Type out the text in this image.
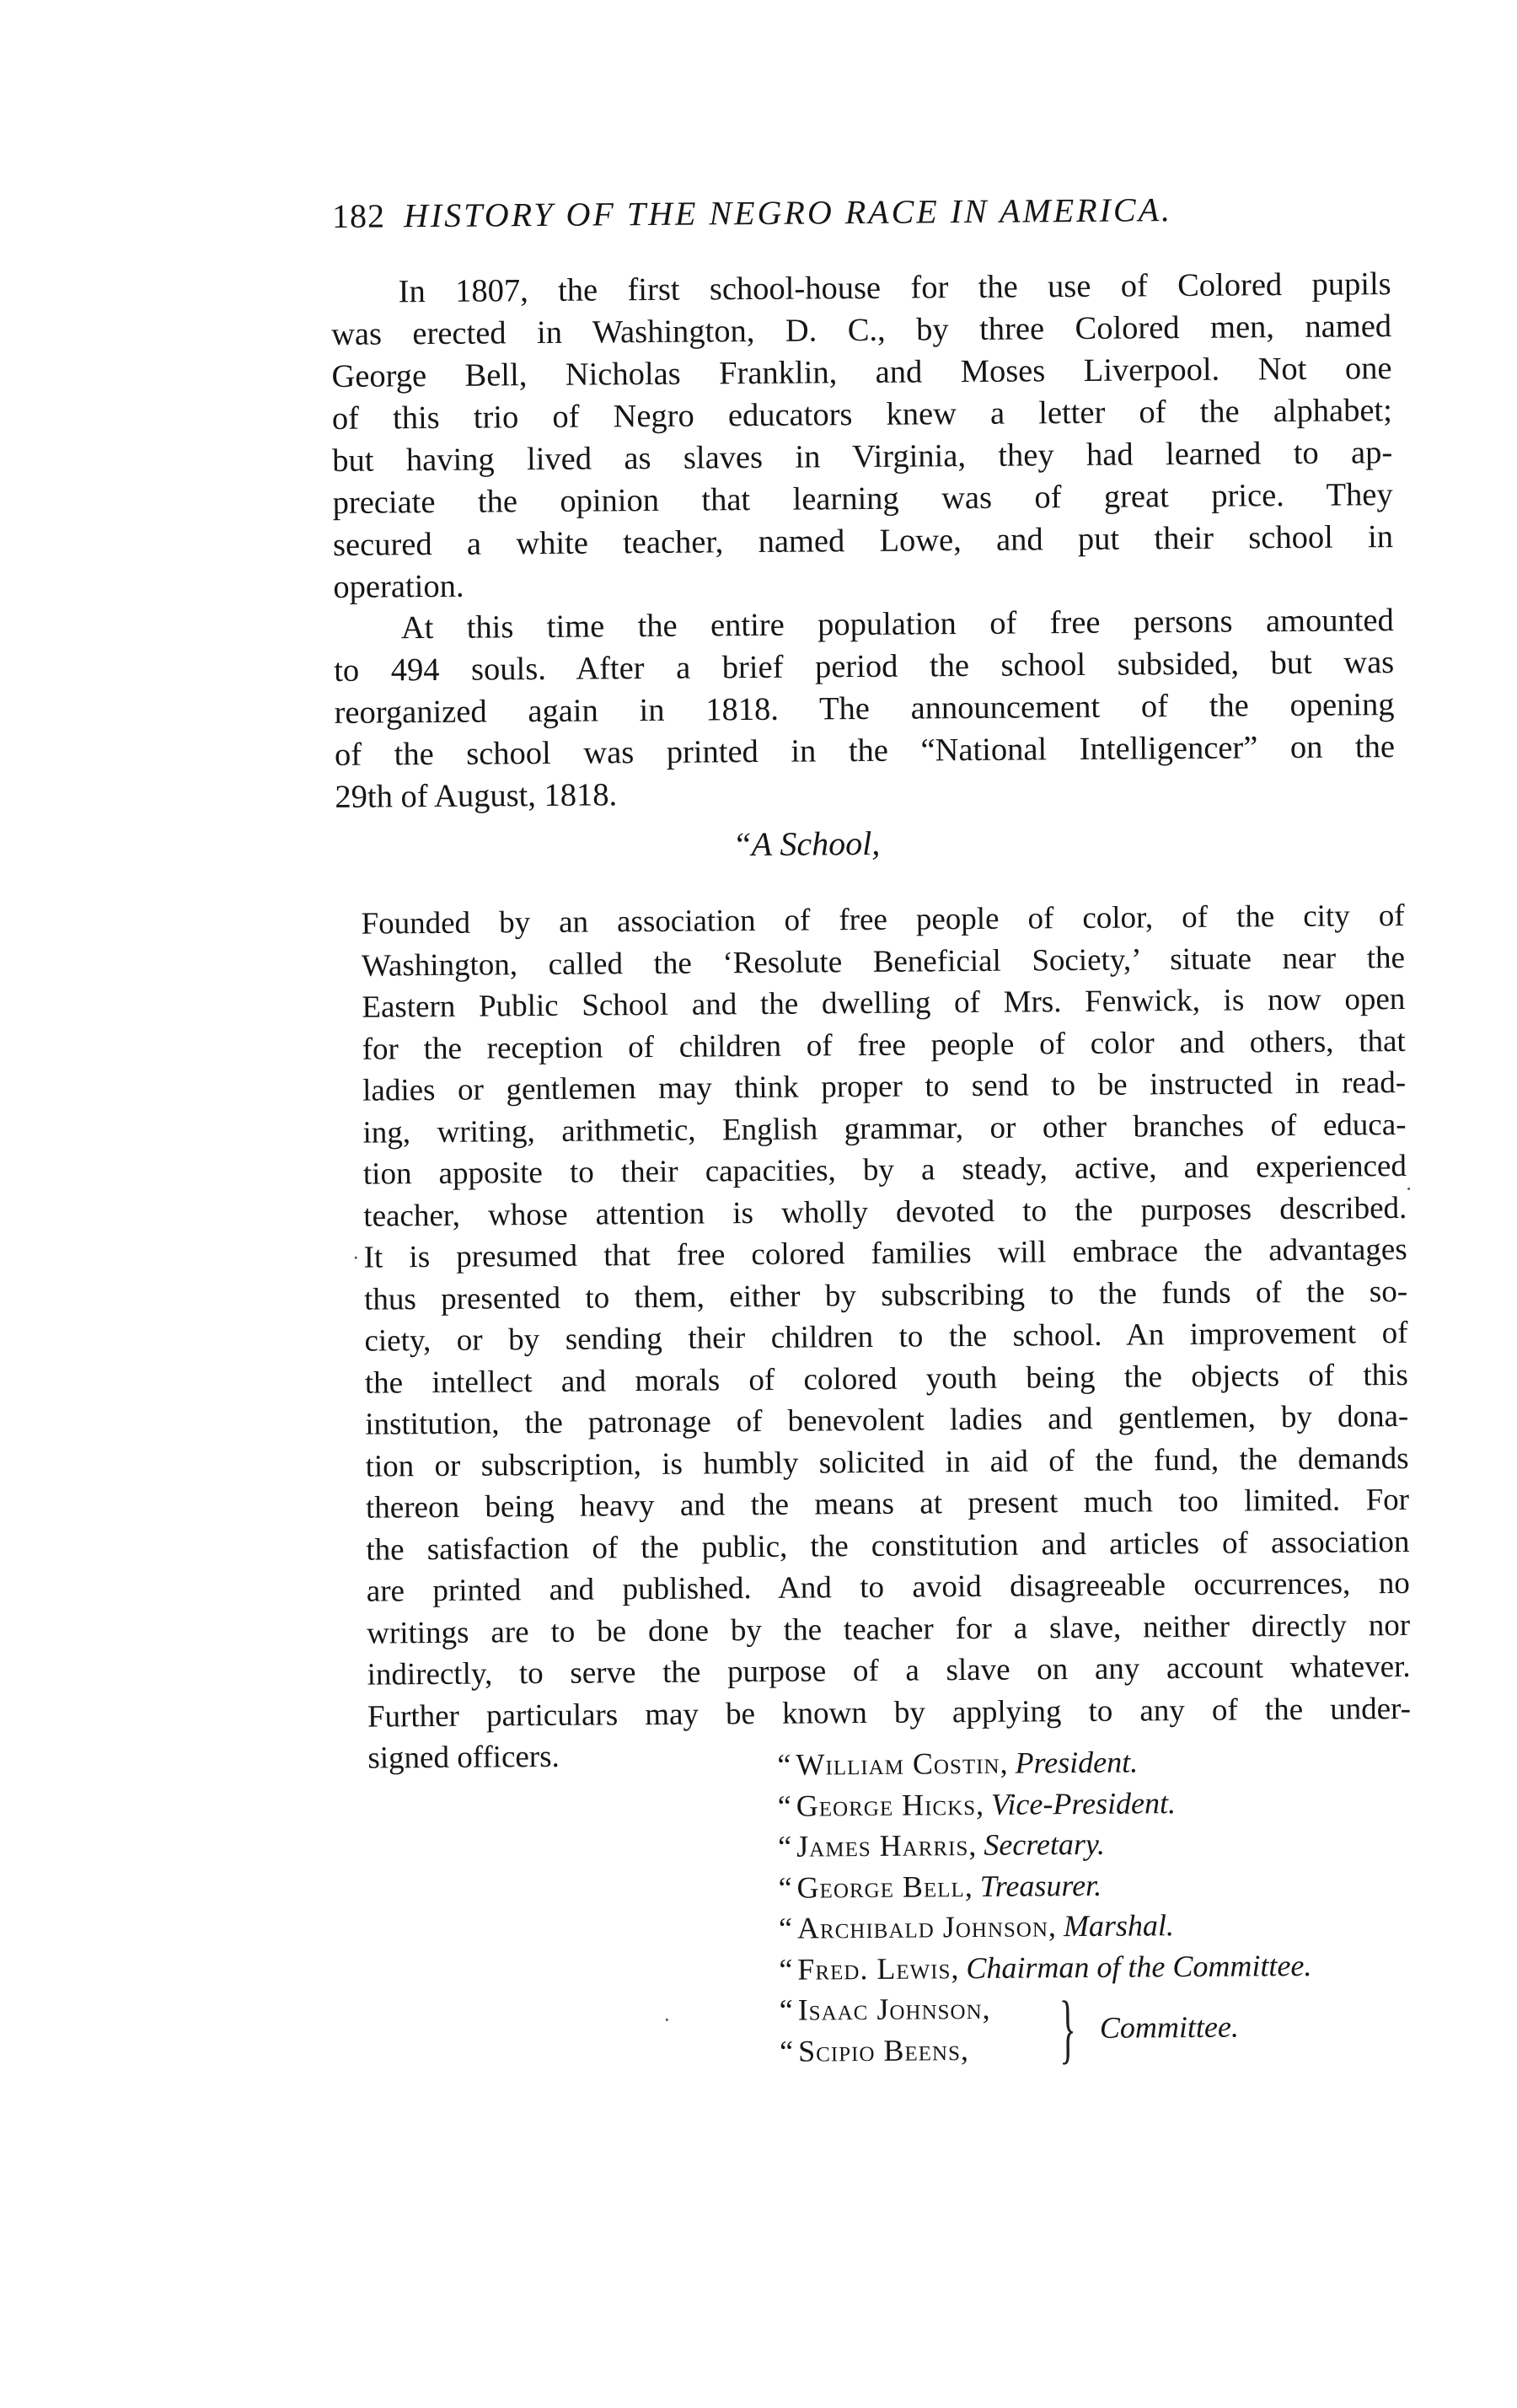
182 HISTORY OF THE NEGRO RACE IN AMERICA.
In 1807, the first school-house for the use of Colored pupils
was erected in Washington, D. C., by three Colored men, named
George Bell, Nicholas Franklin, and Moses Liverpool. Not one
of this trio of Negro educators knew a letter of the alphabet;
but having lived as slaves in Virginia, they had learned to ap-
preciate the opinion that learning was of great price. They
secured a white teacher, named Lowe, and put their school in
operation.
At this time the entire population of free persons amounted
to 494 souls. After a brief period the school subsided, but was
reorganized again in 1818. The announcement of the opening
of the school was printed in the “National Intelligencer” on the
29th of August, 1818.
“A School,
Founded by an association of free people of color, of the city of
Washington, called the ‘Resolute Beneficial Society,’ situate near the
Eastern Public School and the dwelling of Mrs. Fenwick, is now open
for the reception of children of free people of color and others, that
ladies or gentlemen may think proper to send to be instructed in read-
ing, writing, arithmetic, English grammar, or other branches of educa-
tion apposite to their capacities, by a steady, active, and experienced
teacher, whose attention is wholly devoted to the purposes described.
It is presumed that free colored families will embrace the advantages
thus presented to them, either by subscribing to the funds of the so-
ciety, or by sending their children to the school. An improvement of
the intellect and morals of colored youth being the objects of this
institution, the patronage of benevolent ladies and gentlemen, by dona-
tion or subscription, is humbly solicited in aid of the fund, the demands
thereon being heavy and the means at present much too limited. For
the satisfaction of the public, the constitution and articles of association
are printed and published. And to avoid disagreeable occurrences, no
writings are to be done by the teacher for a slave, neither directly nor
indirectly, to serve the purpose of a slave on any account whatever.
Further particulars may be known by applying to any of the under-
signed officers.	“ William Costin, President.
“ George Hicks, Vice-President.
“ James Harris, Secretary.
“ George Bell, Treasurer.
“ Archibald Johnson, Marshal.
“ Fred. Lewis, Chairman of the Committee.
“ Isaac Johnson,
“ Scipio Beens,	} Committee.
